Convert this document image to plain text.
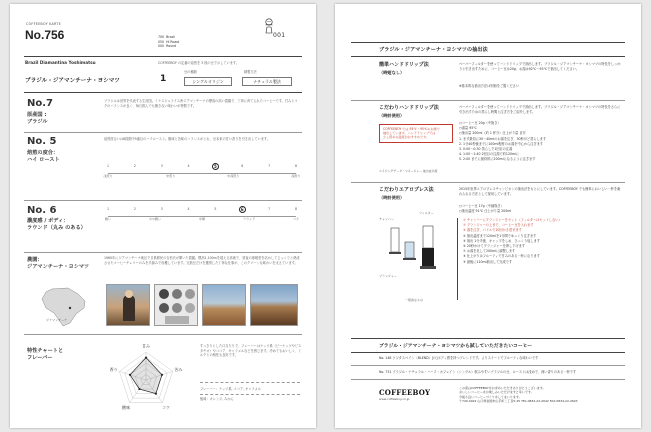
COFFEEBOY KARTE
No.756	001
700 Brazil
050 Hi Roast
000 Round
Brazil Diamantina Yoshimatsu	COFFEEBOY の定番の焙煎を 3 段の豆で示しています。
ブラジル・ジアマンチーナ・ヨシマツ	1
豆の種類	精製方法
シングルオリジン	ナチュラル製法
No.7
原産国 :
ブラジル
ブラジルは世界を代表する生産国。ミナスジェライス州ジアマンチーナの標高の高い農園で、丁寧に育てられたコーヒーです。甘みとコクのバランスが良く、毎日飲んでも飽きない味わいが特徴です。
No. 5
焙煎の度合：
ハイ ロースト
焙煎度合いは8段階中5番目のハイロースト。酸味と苦味のバランスがとれ、豆本来の甘い香りを引き出しています。
1	2	3	4	5	6	7	8
浅煎り	中煎り	中深煎り	深煎り
No. 6
濃度感 / ボディ：
ラウンド（丸み のある）
1	2	3	4	5	6	7	8
軽い	やや軽い	中間	ラウンド	コク
農園：
ジアマンチーナ・ヨシマツ
1960年にジアマンチーナ地区で日系移民の吉松氏が開いた農園。標高1,100mを超える高地で、昼夜の寒暖差を活かしてじっくりと熟成させたコーヒーチェリーのみを手摘みで収穫しています。完熟豆だけを選別した丁寧な仕事が、このクリーンな味わいを支えています。
ジアマンチーナ
特性チャートと
フレーバー
甘み
苦み
コク
酸味
香り
すっきりとした口当たりで、フレーバーはナッツ系（ピーナッツやピスタチオ）やココア、キャラメルなどを感じます。冷めてもおいしく、ミルクとの相性も良好です。
フレーバー：ナッツ系, ココア, キャラメル
後味：オレンジ, みかん
ブラジル・ジアマンチーナ・ヨシマツの抽出法
簡単ハンドドリップ法
（時短なし）
ペーパーフィルターを使ってハンドドリップで抽出します。ブラジル・ジアマンチーナ・ヨシマツの特長をしっかりと引き出すために、コーヒー豆は20g、お湯は92℃〜93℃で抽出してください。
※基本的な抽出方法は別冊をご覧ください
こだわりハンドドリップ法
（時計使用）
ペーパーフィルターを使ってハンドドリップで抽出します。ブラジル・ジアマンチーナ・ヨシマツの特長をさらに引き出すための蒸らし時間と注ぎ方をご紹介します。
COFFEEBOY では 93℃〜95℃のお湯で
抽出しています。ハンドドリップでは
少し低めの温度がおすすめです。
○コーヒー豆 20g（中挽き）
○湯量 95℃
○抽出量 200ml（約 1 杯分）仕上がり量 目安
1. まず最初に30〜40mlのお湯を注ぎ、30秒ほど蒸らします
2. 1分40秒後までに100ml程度のお湯を中心から注ぎます
3. 0:00〜0:30 蒸らしで1回目の注湯
4. 1:00〜1:40 2回目の注湯で約120mlに
5. 2:00 までに最終的に200mlになるように注ぎます
エイジングデータ・マネージャー 抽出成功度
こだわりエアロプレス法
（時計使用）
2015年世界エアロプレスチャンピオンの抽出法をもとにしています。COFFEEBOY でも簡単においしい一杯を淹れられる方法として採用しています。
○コーヒー豆 17g（中細挽き）
○抽出温度 91℃ 仕上がり量 200ml
フィルター
チャンバー
プランジャー
一般的なもの
① チャンバーにプランジャーをセット（フィルターはセットしない）
② プランジャーの上まで、コーヒー豆を入れます
③ 湯を注ぎ、パドルで10回かき混ぜます
④ 抽出温度まで120mlを1分間でゆっくり注ぎます
⑤ 抽出 1分半後、キャップをしめ、ひっくり返します
⑥ 20秒かけてプランジャーを押し下げます
⑦ お湯を足して200mlに調整します
⑧ 仕上がりはフルーティで甘みのある一杯になります
⑨ 最後に110ml抽出して完成です
ブラジル・ジアマンチーナ・ヨシマツから試していただきたいコーヒー
No. 148 ツジタスペイン（BLEND）[の]ボディ感を持つブレンドです。よりスイートでフルーティな味わいです
No. 731 ブラジル・ナチュラル・ハーフ・カフェイン（シングル）飲みやすいブラジルの豆、ローストは浅めで、深い香りのある一杯です
COFFEEBOY
www.coffeeboy.co.jp
この度はCOFFEEBOYをお求めいただきありがとうございます。
おいしいコーヒーをお楽しみいただけますと幸いです。
今後も良いコーヒーづくりをしてまいります。
〒740-0022 山口県岩国市山手町二丁目5-25 TEL:0834-22-2642 FAX:0834-22-2643
